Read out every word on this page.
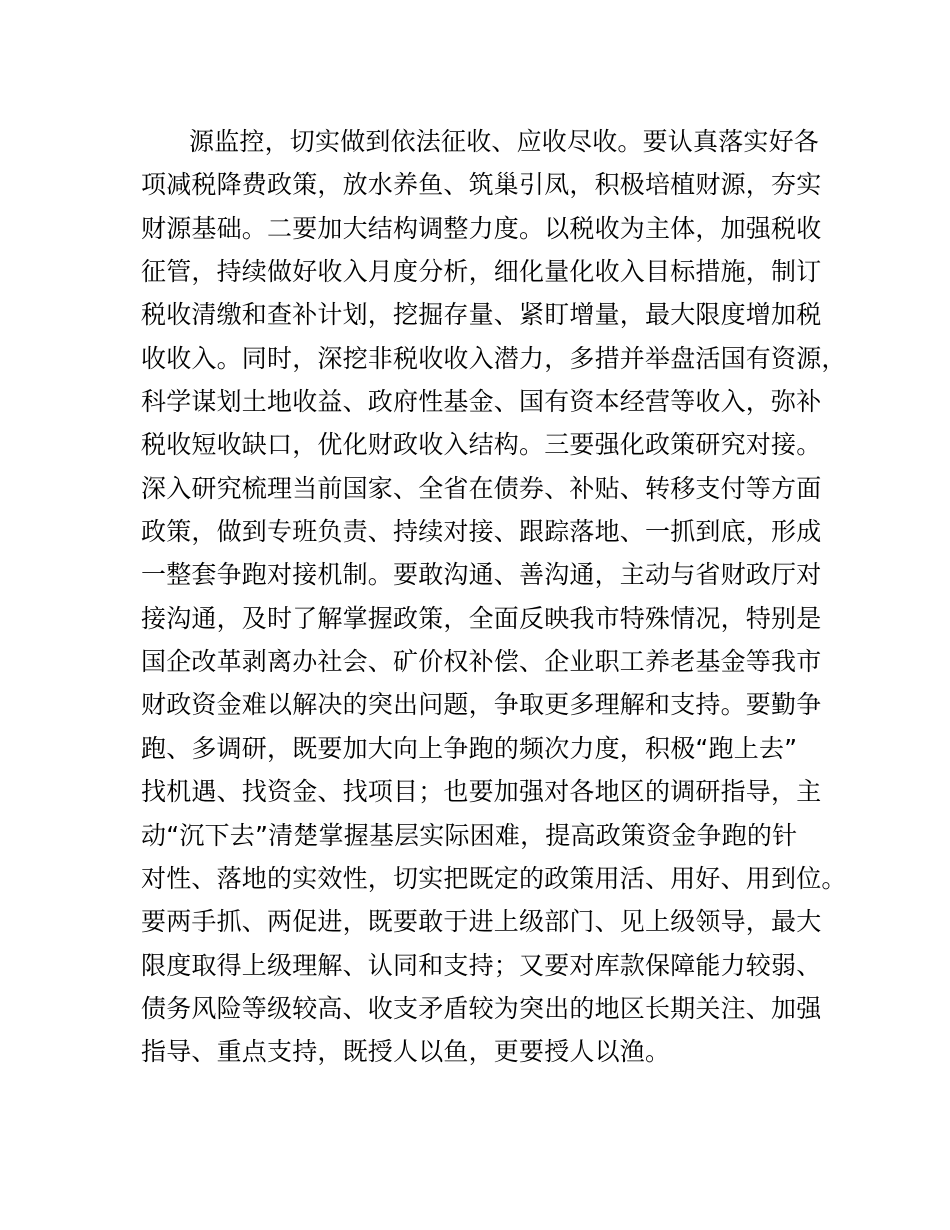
源监控，切实做到依法征收、应收尽收。要认真落实好各
项减税降费政策，放水养鱼、筑巢引凤，积极培植财源，夯实
财源基础。二要加大结构调整力度。以税收为主体，加强税收
征管，持续做好收入月度分析，细化量化收入目标措施，制订
税收清缴和查补计划，挖掘存量、紧盯增量，最大限度增加税
收收入。同时，深挖非税收收入潜力，多措并举盘活国有资源，
科学谋划土地收益、政府性基金、国有资本经营等收入，弥补
税收短收缺口，优化财政收入结构。三要强化政策研究对接。
深入研究梳理当前国家、全省在债券、补贴、转移支付等方面
政策，做到专班负责、持续对接、跟踪落地、一抓到底，形成
一整套争跑对接机制。要敢沟通、善沟通，主动与省财政厅对
接沟通，及时了解掌握政策，全面反映我市特殊情况，特别是
国企改革剥离办社会、矿价权补偿、企业职工养老基金等我市
财政资金难以解决的突出问题，争取更多理解和支持。要勤争
跑、多调研，既要加大向上争跑的频次力度，积极“跑上去”
找机遇、找资金、找项目；也要加强对各地区的调研指导，主
动“沉下去”清楚掌握基层实际困难，提高政策资金争跑的针
对性、落地的实效性，切实把既定的政策用活、用好、用到位。
要两手抓、两促进，既要敢于进上级部门、见上级领导，最大
限度取得上级理解、认同和支持；又要对库款保障能力较弱、
债务风险等级较高、收支矛盾较为突出的地区长期关注、加强
指导、重点支持，既授人以鱼，更要授人以渔。
